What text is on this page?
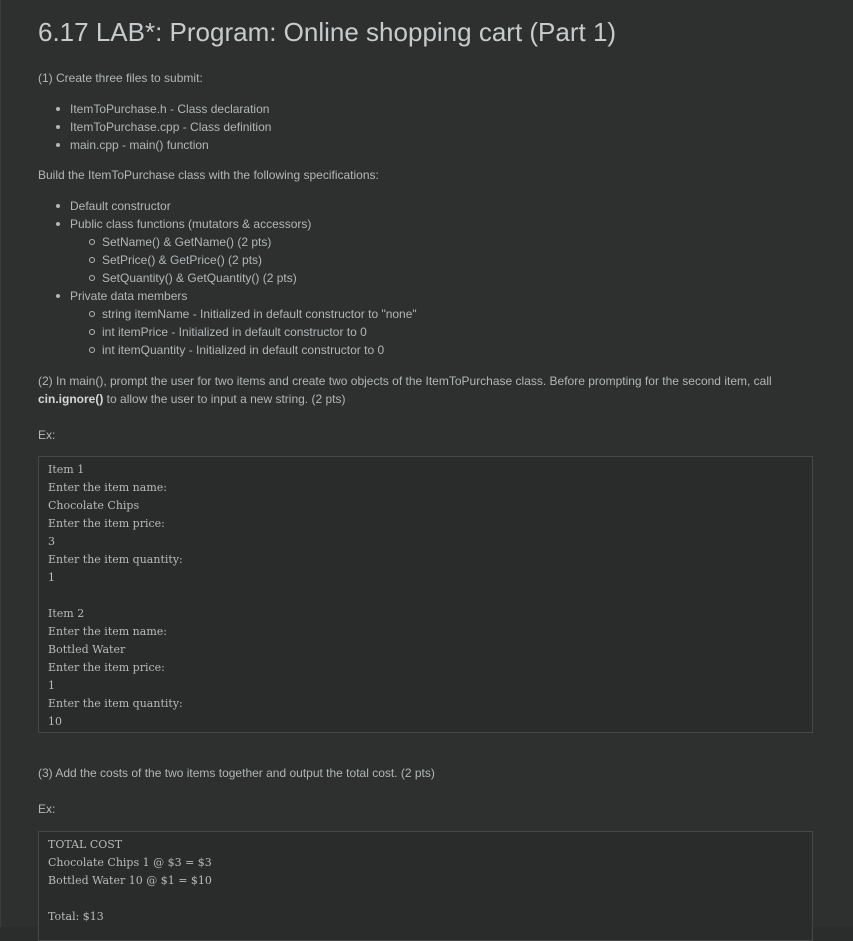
6.17 LAB*: Program: Online shopping cart (Part 1)
(1) Create three files to submit:
ItemToPurchase.h - Class declaration
ItemToPurchase.cpp - Class definition
main.cpp - main() function
Build the ItemToPurchase class with the following specifications:
Default constructor
Public class functions (mutators & accessors)
SetName() & GetName() (2 pts)
SetPrice() & GetPrice() (2 pts)
SetQuantity() & GetQuantity() (2 pts)
Private data members
string itemName - Initialized in default constructor to "none"
int itemPrice - Initialized in default constructor to 0
int itemQuantity - Initialized in default constructor to 0
(2) In main(), prompt the user for two items and create two objects of the ItemToPurchase class. Before prompting for the second item, call cin.ignore() to allow the user to input a new string. (2 pts)
Ex:
Item 1
Enter the item name:
Chocolate Chips
Enter the item price:
3
Enter the item quantity:
1
Item 2
Enter the item name:
Bottled Water
Enter the item price:
1
Enter the item quantity:
10
(3) Add the costs of the two items together and output the total cost. (2 pts)
Ex:
TOTAL COST
Chocolate Chips 1 @ $3 = $3
Bottled Water 10 @ $1 = $10
Total: $13
